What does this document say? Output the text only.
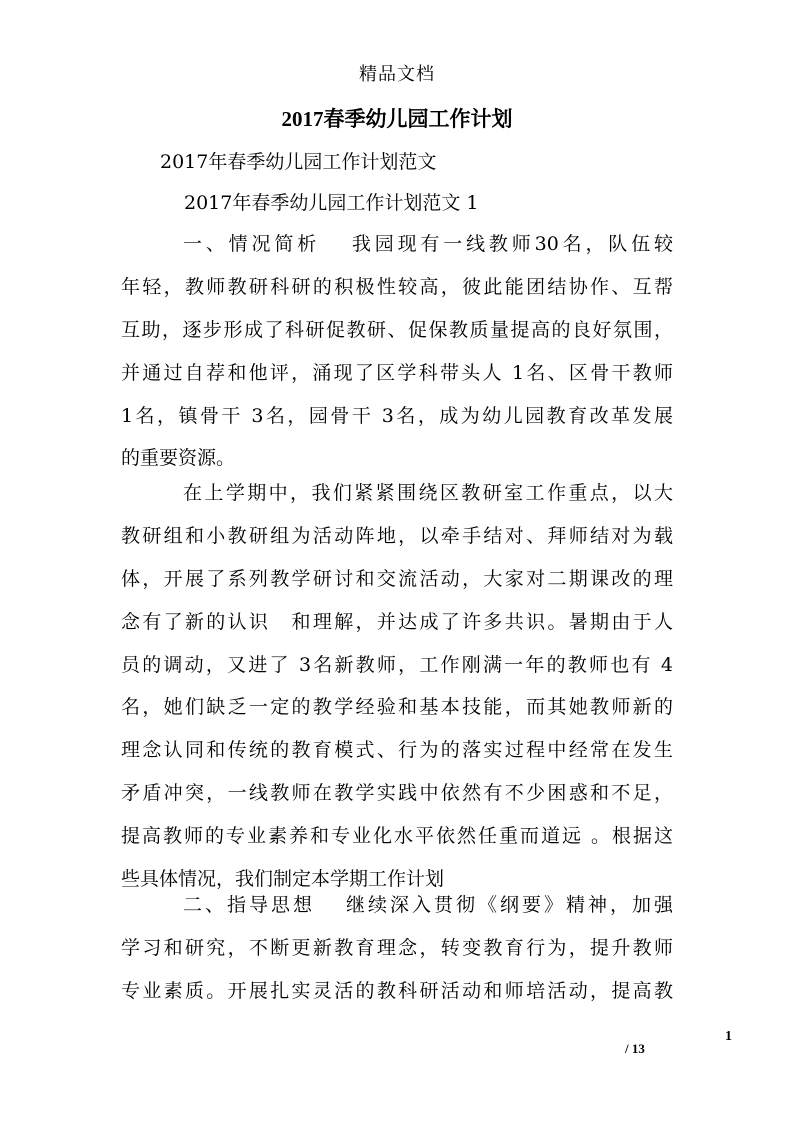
精品文档
2017春季幼儿园工作计划
2017年春季幼儿园工作计划范文
2017年春季幼儿园工作计划范文 1
一、情况简析 我园现有一线教师30名，队伍较
年轻，教师教研科研的积极性较高，彼此能团结协作、互帮
互助，逐步形成了科研促教研、促保教质量提高的良好氛围，
并通过自荐和他评，涌现了区学科带头人 1名、区骨干教师
1名，镇骨干 3名，园骨干 3名，成为幼儿园教育改革发展
的重要资源。
在上学期中，我们紧紧围绕区教研室工作重点，以大
教研组和小教研组为活动阵地，以牵手结对、拜师结对为载
体，开展了系列教学研讨和交流活动，大家对二期课改的理
念有了新的认识　和理解，并达成了许多共识。暑期由于人
员的调动，又进了 3名新教师，工作刚满一年的教师也有 4
名，她们缺乏一定的教学经验和基本技能，而其她教师新的
理念认同和传统的教育模式、行为的落实过程中经常在发生
矛盾冲突，一线教师在教学实践中依然有不少困惑和不足，
提高教师的专业素养和专业化水平依然任重而道远 。根据这
些具体情况，我们制定本学期工作计划
二、指导思想 继续深入贯彻《纲要》精神，加强
学习和研究，不断更新教育理念，转变教育行为，提升教师
专业素质。开展扎实灵活的教科研活动和师培活动，提高教
1
/ 13
